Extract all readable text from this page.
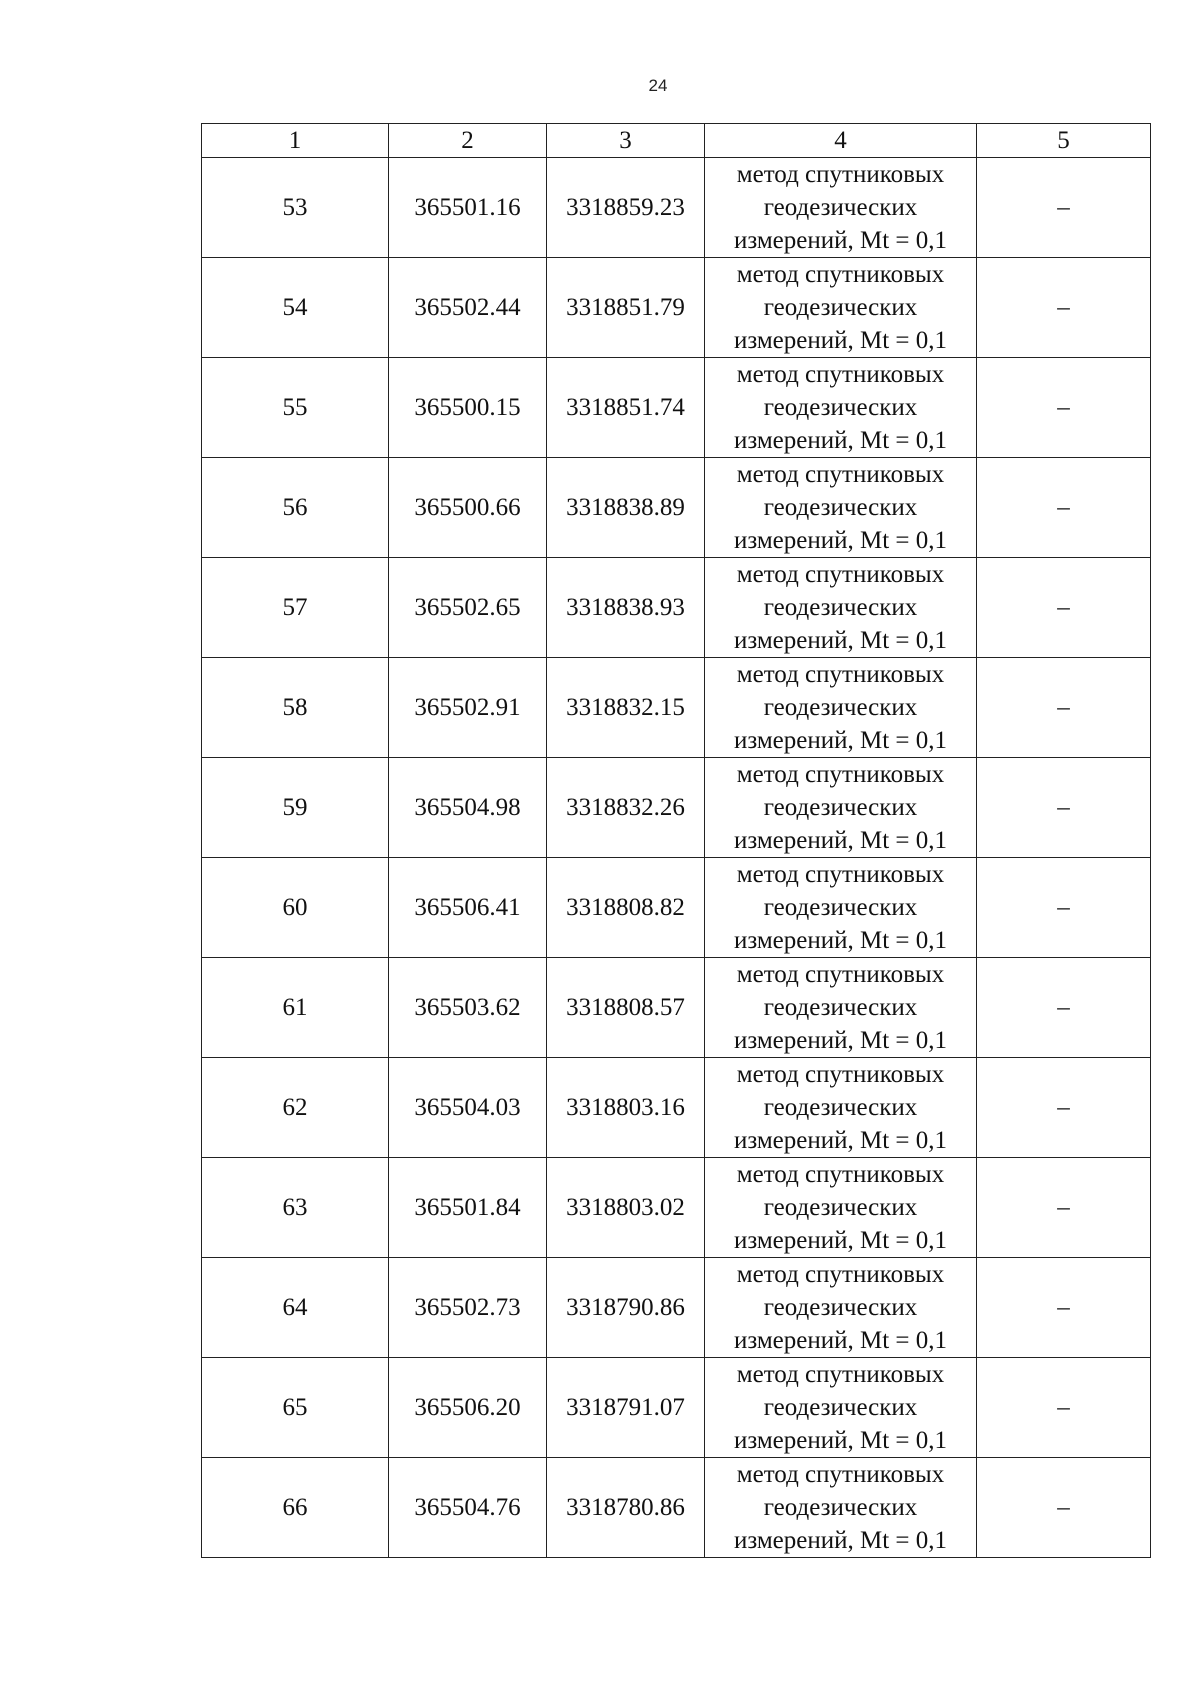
24
1	2	3	4	5
53	365501.16	3318859.23	метод спутниковых
геодезических
измерений, Mt = 0,1	–
54	365502.44	3318851.79	метод спутниковых
геодезических
измерений, Mt = 0,1	–
55	365500.15	3318851.74	метод спутниковых
геодезических
измерений, Mt = 0,1	–
56	365500.66	3318838.89	метод спутниковых
геодезических
измерений, Mt = 0,1	–
57	365502.65	3318838.93	метод спутниковых
геодезических
измерений, Mt = 0,1	–
58	365502.91	3318832.15	метод спутниковых
геодезических
измерений, Mt = 0,1	–
59	365504.98	3318832.26	метод спутниковых
геодезических
измерений, Mt = 0,1	–
60	365506.41	3318808.82	метод спутниковых
геодезических
измерений, Mt = 0,1	–
61	365503.62	3318808.57	метод спутниковых
геодезических
измерений, Mt = 0,1	–
62	365504.03	3318803.16	метод спутниковых
геодезических
измерений, Mt = 0,1	–
63	365501.84	3318803.02	метод спутниковых
геодезических
измерений, Mt = 0,1	–
64	365502.73	3318790.86	метод спутниковых
геодезических
измерений, Mt = 0,1	–
65	365506.20	3318791.07	метод спутниковых
геодезических
измерений, Mt = 0,1	–
66	365504.76	3318780.86	метод спутниковых
геодезических
измерений, Mt = 0,1	–
